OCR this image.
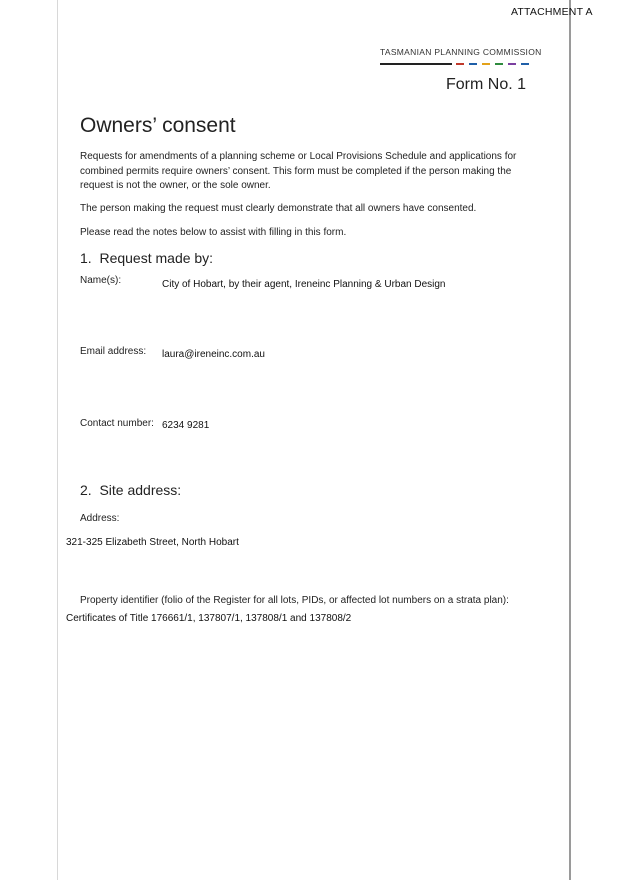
ATTACHMENT A
TASMANIAN PLANNING COMMISSION
Form No. 1
Owners’ consent

Requests for amendments of a planning scheme or Local Provisions Schedule and applications for combined permits require owners’ consent. This form must be completed if the person making the request is not the owner, or the sole owner.

The person making the request must clearly demonstrate that all owners have consented.

Please read the notes below to assist with filling in this form.

1.  Request made by:
Name(s):	City of Hobart, by their agent, Ireneinc Planning & Urban Design
Email address: laura@ireneinc.com.au
Contact number: 6234 9281
2.  Site address:
Address:
321-325 Elizabeth Street, North Hobart
Property identifier (folio of the Register for all lots, PIDs, or affected lot numbers on a strata plan):
Certificates of Title 176661/1, 137807/1, 137808/1 and 137808/2
